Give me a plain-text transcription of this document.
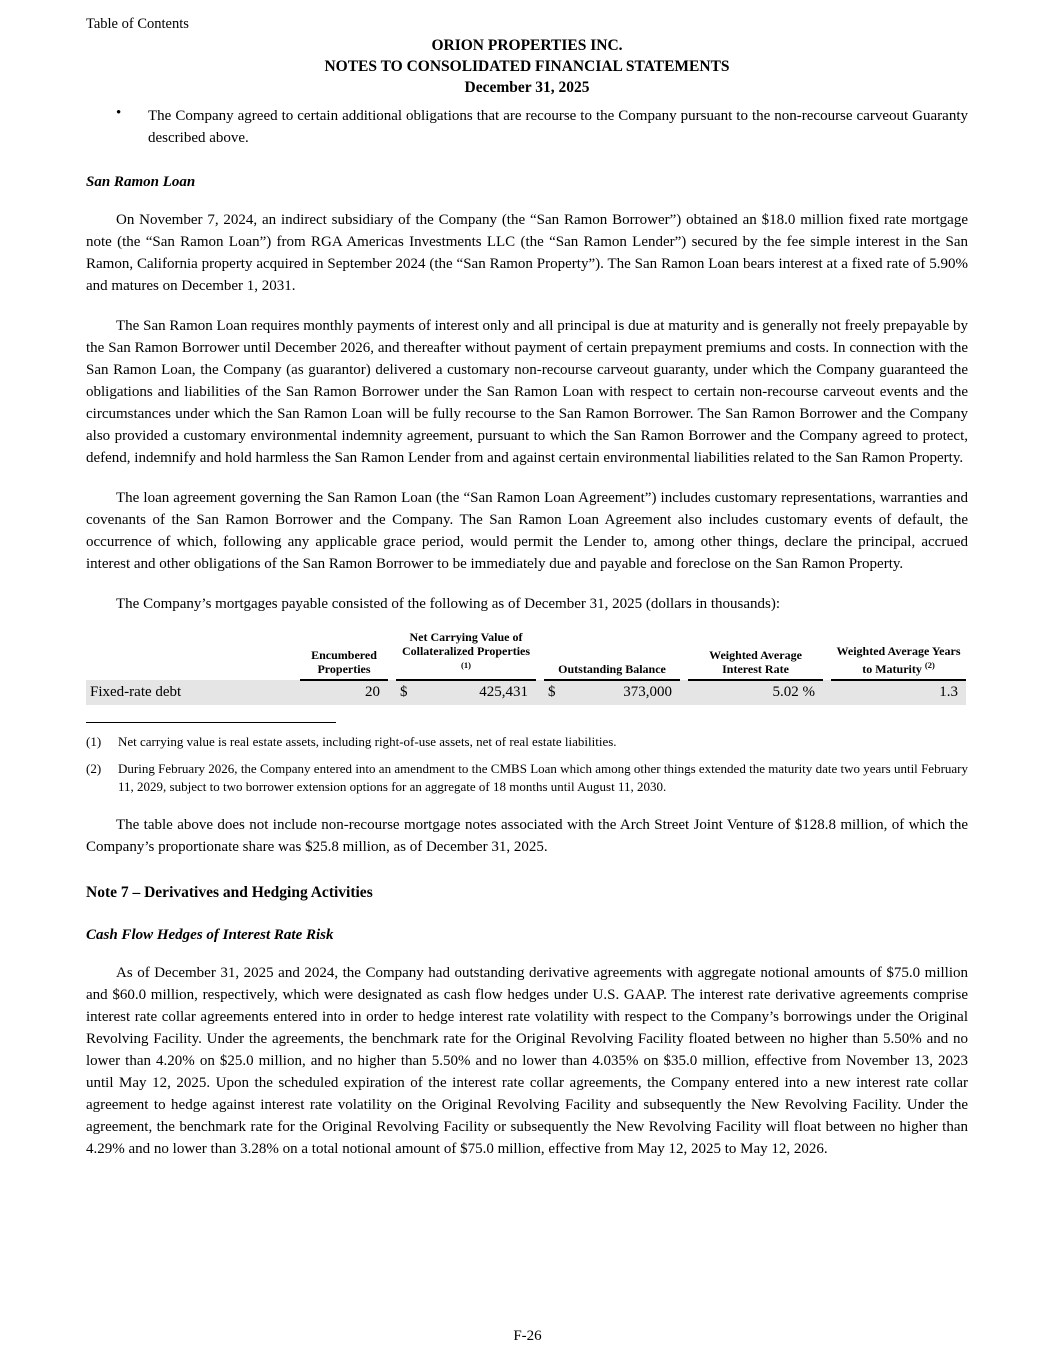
Table of Contents
ORION PROPERTIES INC.
NOTES TO CONSOLIDATED FINANCIAL STATEMENTS
December 31, 2025
•	The Company agreed to certain additional obligations that are recourse to the Company pursuant to the non-recourse carveout Guaranty described above.
San Ramon Loan

On November 7, 2024, an indirect subsidiary of the Company (the “San Ramon Borrower”) obtained an $18.0 million fixed rate mortgage note (the “San Ramon Loan”) from RGA Americas Investments LLC (the “San Ramon Lender”) secured by the fee simple interest in the San Ramon, California property acquired in September 2024 (the “San Ramon Property”). The San Ramon Loan bears interest at a fixed rate of 5.90% and matures on December 1, 2031.

The San Ramon Loan requires monthly payments of interest only and all principal is due at maturity and is generally not freely prepayable by the San Ramon Borrower until December 2026, and thereafter without payment of certain prepayment premiums and costs. In connection with the San Ramon Loan, the Company (as guarantor) delivered a customary non-recourse carveout guaranty, under which the Company guaranteed the obligations and liabilities of the San Ramon Borrower under the San Ramon Loan with respect to certain non-recourse carveout events and the circumstances under which the San Ramon Loan will be fully recourse to the San Ramon Borrower. The San Ramon Borrower and the Company also provided a customary environmental indemnity agreement, pursuant to which the San Ramon Borrower and the Company agreed to protect, defend, indemnify and hold harmless the San Ramon Lender from and against certain environmental liabilities related to the San Ramon Property.

The loan agreement governing the San Ramon Loan (the “San Ramon Loan Agreement”) includes customary representations, warranties and covenants of the San Ramon Borrower and the Company. The San Ramon Loan Agreement also includes customary events of default, the occurrence of which, following any applicable grace period, would permit the Lender to, among other things, declare the principal, accrued interest and other obligations of the San Ramon Borrower to be immediately due and payable and foreclose on the San Ramon Property.

The Company’s mortgages payable consisted of the following as of December 31, 2025 (dollars in thousands):

	Encumbered Properties		Net Carrying Value of Collateralized Properties $^{(1)}$			Outstanding Balance			Weighted Average Interest Rate		Weighted Average Years to Maturity $^{(2)}$
Fixed-rate debt	20		$	425,431		$	373,000		5.02 %		1.3
(1)	Net carrying value is real estate assets, including right-of-use assets, net of real estate liabilities.
(2)	During February 2026, the Company entered into an amendment to the CMBS Loan which among other things extended the maturity date two years until February 11, 2029, subject to two borrower extension options for an aggregate of 18 months until August 11, 2030.

The table above does not include non-recourse mortgage notes associated with the Arch Street Joint Venture of $128.8 million, of which the Company’s proportionate share was $25.8 million, as of December 31, 2025.

Note 7 – Derivatives and Hedging Activities
Cash Flow Hedges of Interest Rate Risk

As of December 31, 2025 and 2024, the Company had outstanding derivative agreements with aggregate notional amounts of $75.0 million and $60.0 million, respectively, which were designated as cash flow hedges under U.S. GAAP. The interest rate derivative agreements comprise interest rate collar agreements entered into in order to hedge interest rate volatility with respect to the Company’s borrowings under the Original Revolving Facility. Under the agreements, the benchmark rate for the Original Revolving Facility floated between no higher than 5.50% and no lower than 4.20% on $25.0 million, and no higher than 5.50% and no lower than 4.035% on $35.0 million, effective from November 13, 2023 until May 12, 2025. Upon the scheduled expiration of the interest rate collar agreements, the Company entered into a new interest rate collar agreement to hedge against interest rate volatility on the Original Revolving Facility and subsequently the New Revolving Facility. Under the agreement, the benchmark rate for the Original Revolving Facility or subsequently the New Revolving Facility will float between no higher than 4.29% and no lower than 3.28% on a total notional amount of $75.0 million, effective from May 12, 2025 to May 12, 2026.

F-26
